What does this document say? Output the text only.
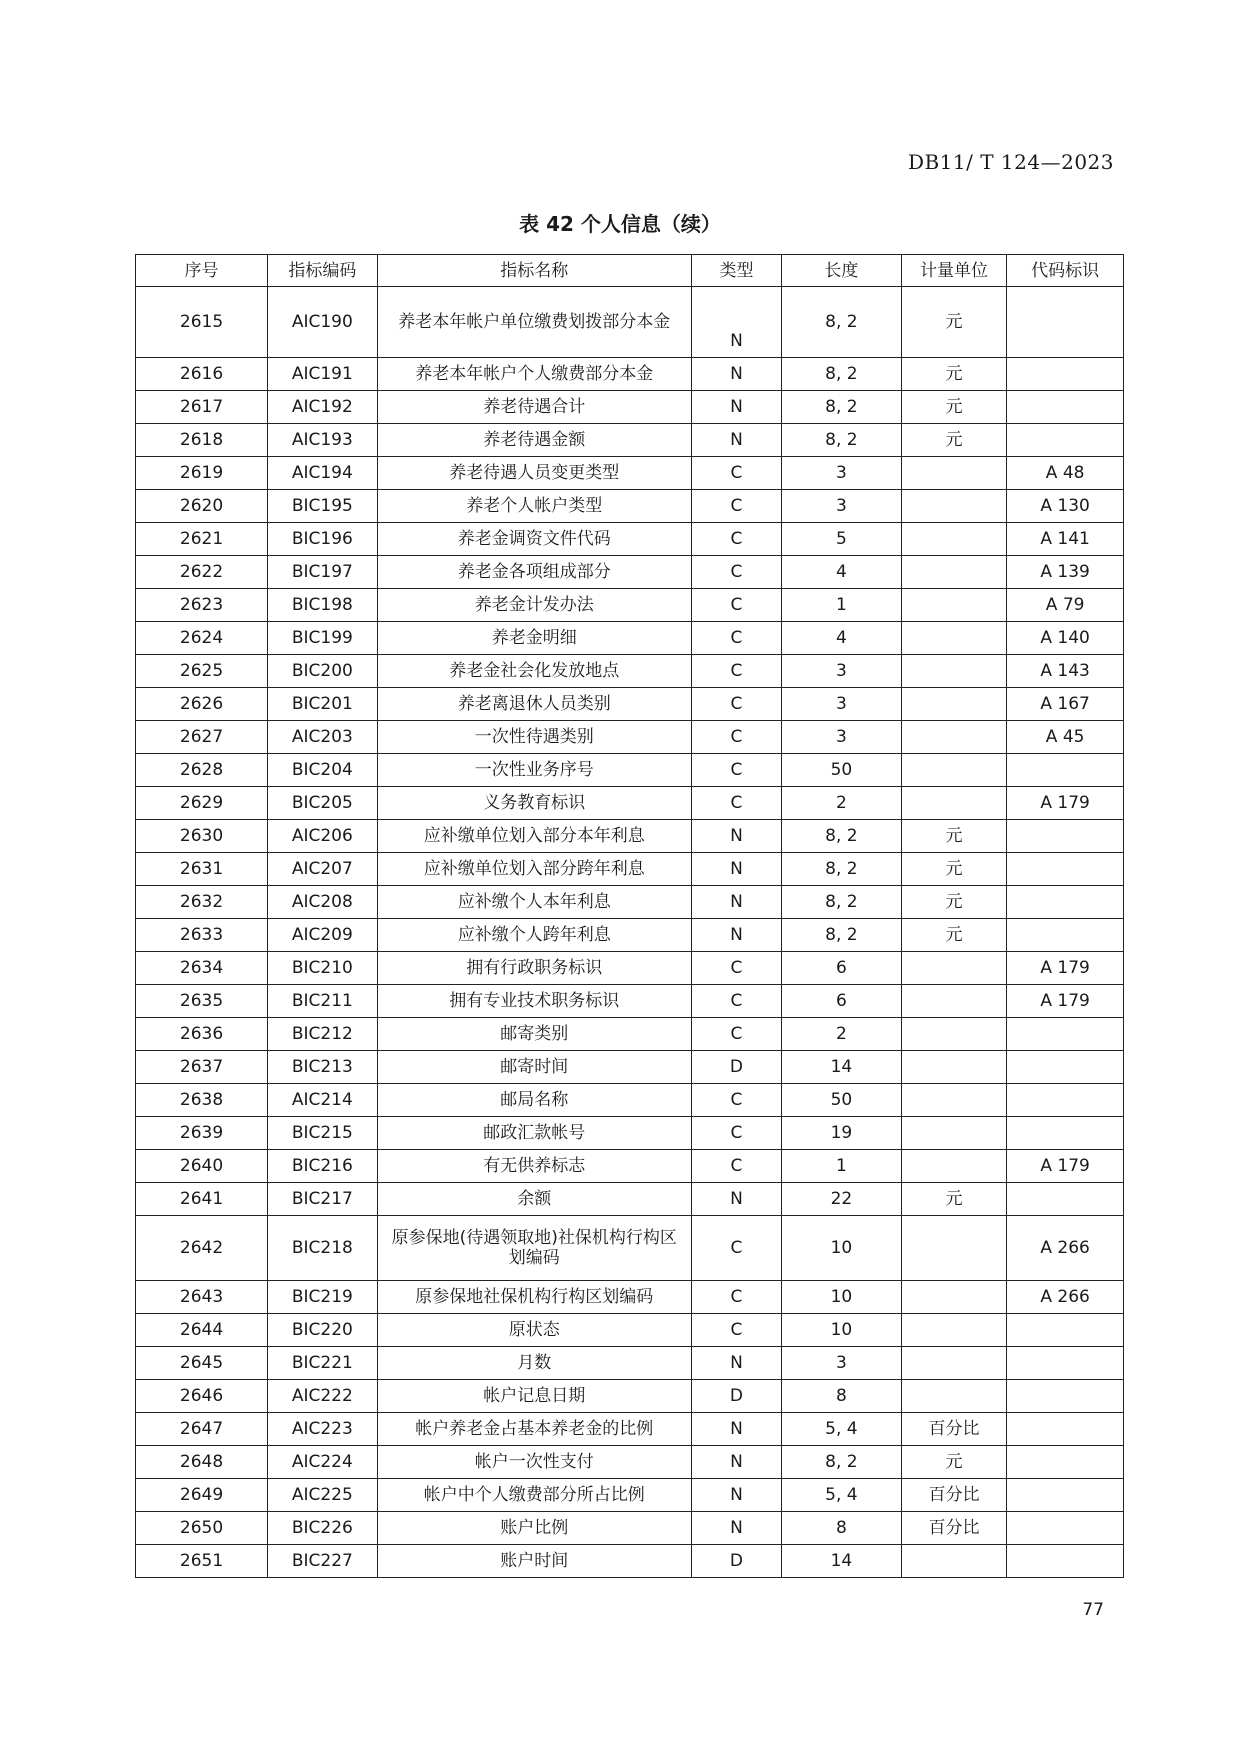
DB11/ T 124—2023
表 42 个人信息（续）
序号	指标编码	指标名称	类型	长度	计量单位	代码标识
2615	AIC190	养老本年帐户单位缴费划拨部分本金	N	8, 2	元	
2616	AIC191	养老本年帐户个人缴费部分本金	N	8, 2	元	
2617	AIC192	养老待遇合计	N	8, 2	元	
2618	AIC193	养老待遇金额	N	8, 2	元	
2619	AIC194	养老待遇人员变更类型	C	3		A 48
2620	BIC195	养老个人帐户类型	C	3		A 130
2621	BIC196	养老金调资文件代码	C	5		A 141
2622	BIC197	养老金各项组成部分	C	4		A 139
2623	BIC198	养老金计发办法	C	1		A 79
2624	BIC199	养老金明细	C	4		A 140
2625	BIC200	养老金社会化发放地点	C	3		A 143
2626	BIC201	养老离退休人员类别	C	3		A 167
2627	AIC203	一次性待遇类别	C	3		A 45
2628	BIC204	一次性业务序号	C	50		
2629	BIC205	义务教育标识	C	2		A 179
2630	AIC206	应补缴单位划入部分本年利息	N	8, 2	元	
2631	AIC207	应补缴单位划入部分跨年利息	N	8, 2	元	
2632	AIC208	应补缴个人本年利息	N	8, 2	元	
2633	AIC209	应补缴个人跨年利息	N	8, 2	元	
2634	BIC210	拥有行政职务标识	C	6		A 179
2635	BIC211	拥有专业技术职务标识	C	6		A 179
2636	BIC212	邮寄类别	C	2		
2637	BIC213	邮寄时间	D	14		
2638	AIC214	邮局名称	C	50		
2639	BIC215	邮政汇款帐号	C	19		
2640	BIC216	有无供养标志	C	1		A 179
2641	BIC217	余额	N	22	元	
2642	BIC218	原参保地(待遇领取地)社保机构行构区划编码	C	10		A 266
2643	BIC219	原参保地社保机构行构区划编码	C	10		A 266
2644	BIC220	原状态	C	10		
2645	BIC221	月数	N	3		
2646	AIC222	帐户记息日期	D	8		
2647	AIC223	帐户养老金占基本养老金的比例	N	5, 4	百分比	
2648	AIC224	帐户一次性支付	N	8, 2	元	
2649	AIC225	帐户中个人缴费部分所占比例	N	5, 4	百分比	
2650	BIC226	账户比例	N	8	百分比	
2651	BIC227	账户时间	D	14		
77
